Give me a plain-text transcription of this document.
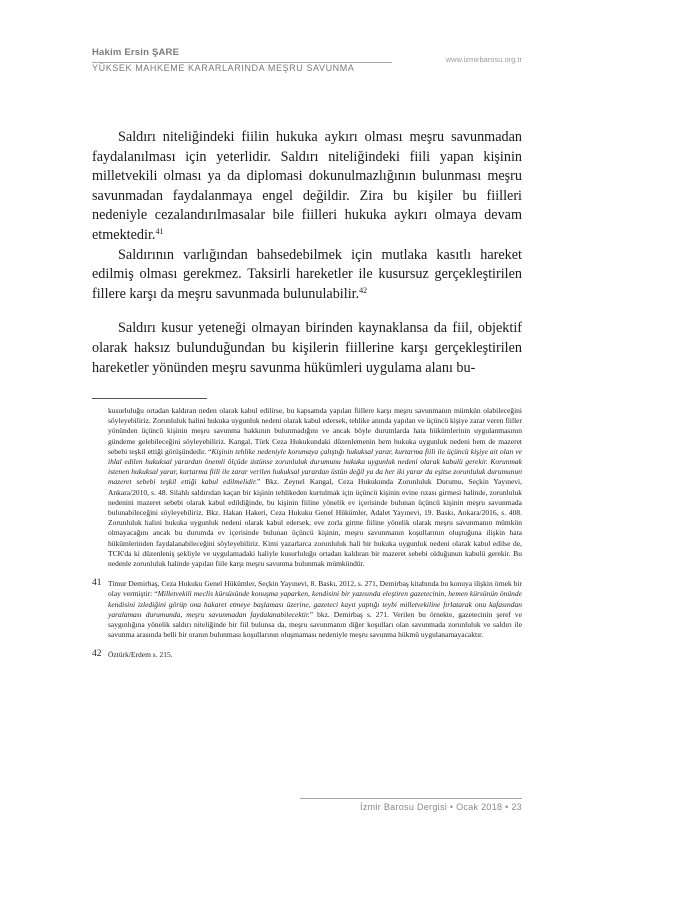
Hakim Ersin ŞARE
YÜKSEK MAHKEME KARARLARINDA MEŞRU SAVUNMA
www.izmirbarosu.org.tr

Saldırı niteliğindeki fiilin hukuka aykırı olması meşru savunmadan faydalanılması için yeterlidir. Saldırı niteliğindeki fiili yapan kişinin milletvekili olması ya da diplomasi dokunulmazlığının bulunması meşru savunmadan faydalanmaya engel değildir. Zira bu kişiler bu fiilleri nedeniyle cezalandırılmasalar bile fiilleri hukuka aykırı olmaya devam etmektedir.$^{41}$

Saldırının varlığından bahsedebilmek için mutlaka kasıtlı hareket edilmiş olması gerekmez. Taksirli hareketler ile kusursuz gerçekleştirilen fillere karşı da meşru savunmada bulunulabilir.$^{42}$

Saldırı kusur yeteneği olmayan birinden kaynaklansa da fiil, objektif olarak haksız bulunduğundan bu kişilerin fiillerine karşı gerçekleştirilen hareketler yönünden meşru savunma hükümleri uygulama alanı bu-

kusurluluğu ortadan kaldıran neden olarak kabul edilirse, bu kapsamda yapılan fiillere karşı meşru savunmanın mümkün olabileceğini söyleyebiliriz. Zorunluluk halini hukuka uygunluk nedeni olarak kabul edersek, tehlike anında yapılan ve üçüncü kişiye zarar veren fiiller yönünden üçüncü kişinin meşru savunma hakkının bulunmadığını ve ancak böyle durumlarda hata hükümlerinin uygulanmasının gündeme gelebileceğini söyleyebiliriz. Kangal, Türk Ceza Hukukundaki düzenlemenin hem hukuka uygunluk nedeni hem de mazeret sebebi teşkil ettiği görüşündedir. “Kişinin tehlike nedeniyle korumaya çalıştığı hukuksal yarar, kurtarma fiili ile üçüncü kişiye ait olan ve ihlal edilen hukuksal yarardan önemli ölçüde üstünse zorunluluk durumunu hukuka uygunluk nedeni olarak kabulü gerekir. Korunmak istenen hukuksal yarar, kurtarma fiili ile zarar verilen hukuksal yarardan üstün değil ya da her iki yarar da eşitse zorunluluk durumunun mazeret sebebi teşkil ettiği kabul edilmelidir.” Bkz. Zeynel Kangal, Ceza Hukukunda Zorunluluk Durumu, Seçkin Yayınevi, Ankara/2010, s. 48. Silahlı saldırıdan kaçan bir kişinin tehlikeden kurtulmak için üçüncü kişinin evine rızası girmesi halinde, zorunluluk nedenini mazeret sebebi olarak kabul edildiğinde, bu kişinin fiiline yönelik ev içerisinde bulunan üçüncü kişinin meşru savunmada bulunabileceğini söyleyebiliriz. Bkz. Hakan Hakeri, Ceza Hukuku Genel Hükümler, Adalet Yayınevi, 19. Baskı, Ankara/2016, s. 408. Zorunluluk halini hukuka uygunluk nedeni olarak kabul edersek, eve zorla girme fiiline yönelik olarak meşru savunmanın mümkün olmayacağını ancak bu durumda ev içerisinde bulunan üçüncü kişinin, meşru savunmanın koşullarının oluştuğuna ilişkin hata hükümlerinden faydalanabileceğini söyleyebiliriz. Kimi yazarlarca zorunluluk hali bir hukuka uygunluk nedeni olarak kabul edilse de, TCK'da ki düzenleniş şekliyle ve uygulamadaki haliyle kusurluluğu ortadan kaldıran bir mazeret sebebi olduğunun kabulü gerekir. Bu nedenle zorunluluk halinde yapılan fiile karşı meşru savunma bulunmak mümkündür.

41 Timur Demirbaş, Ceza Hukuku Genel Hükümler, Seçkin Yayınevi, 8. Baskı, 2012, s. 271, Demirbaş kitabında bu konuya ilişkin örnek bir olay vermiştir: “Milletvekili meclis kürsüsünde konuşma yaparken, kendisini bir yazısında eleştiren gazetecinin, hemen kürsünün önünde kendisini izlediğini görüp ona hakaret etmeye başlaması üzerine, gazeteci kayıt yaptığı teybi milletvekiline fırlatarak onu kafasından yaralaması durumunda, meşru savunmadan faydalanabilecektir.” bkz. Demirbaş s. 271. Verilen bu örnekte, gazetecinin şeref ve saygınlığına yönelik saldırı niteliğinde bir fiil bulunsa da, meşru savunmanın diğer koşulları olan savunmada zorunluluk ve saldırı ile savunma arasında belli bir oranın bulunması koşullarının oluşmaması nedeniyle meşru savunma hükmü uygulanamayacaktır.
42 Öztürk/Erdem s. 215.
İzmir Barosu Dergisi • Ocak 2018 • 23
